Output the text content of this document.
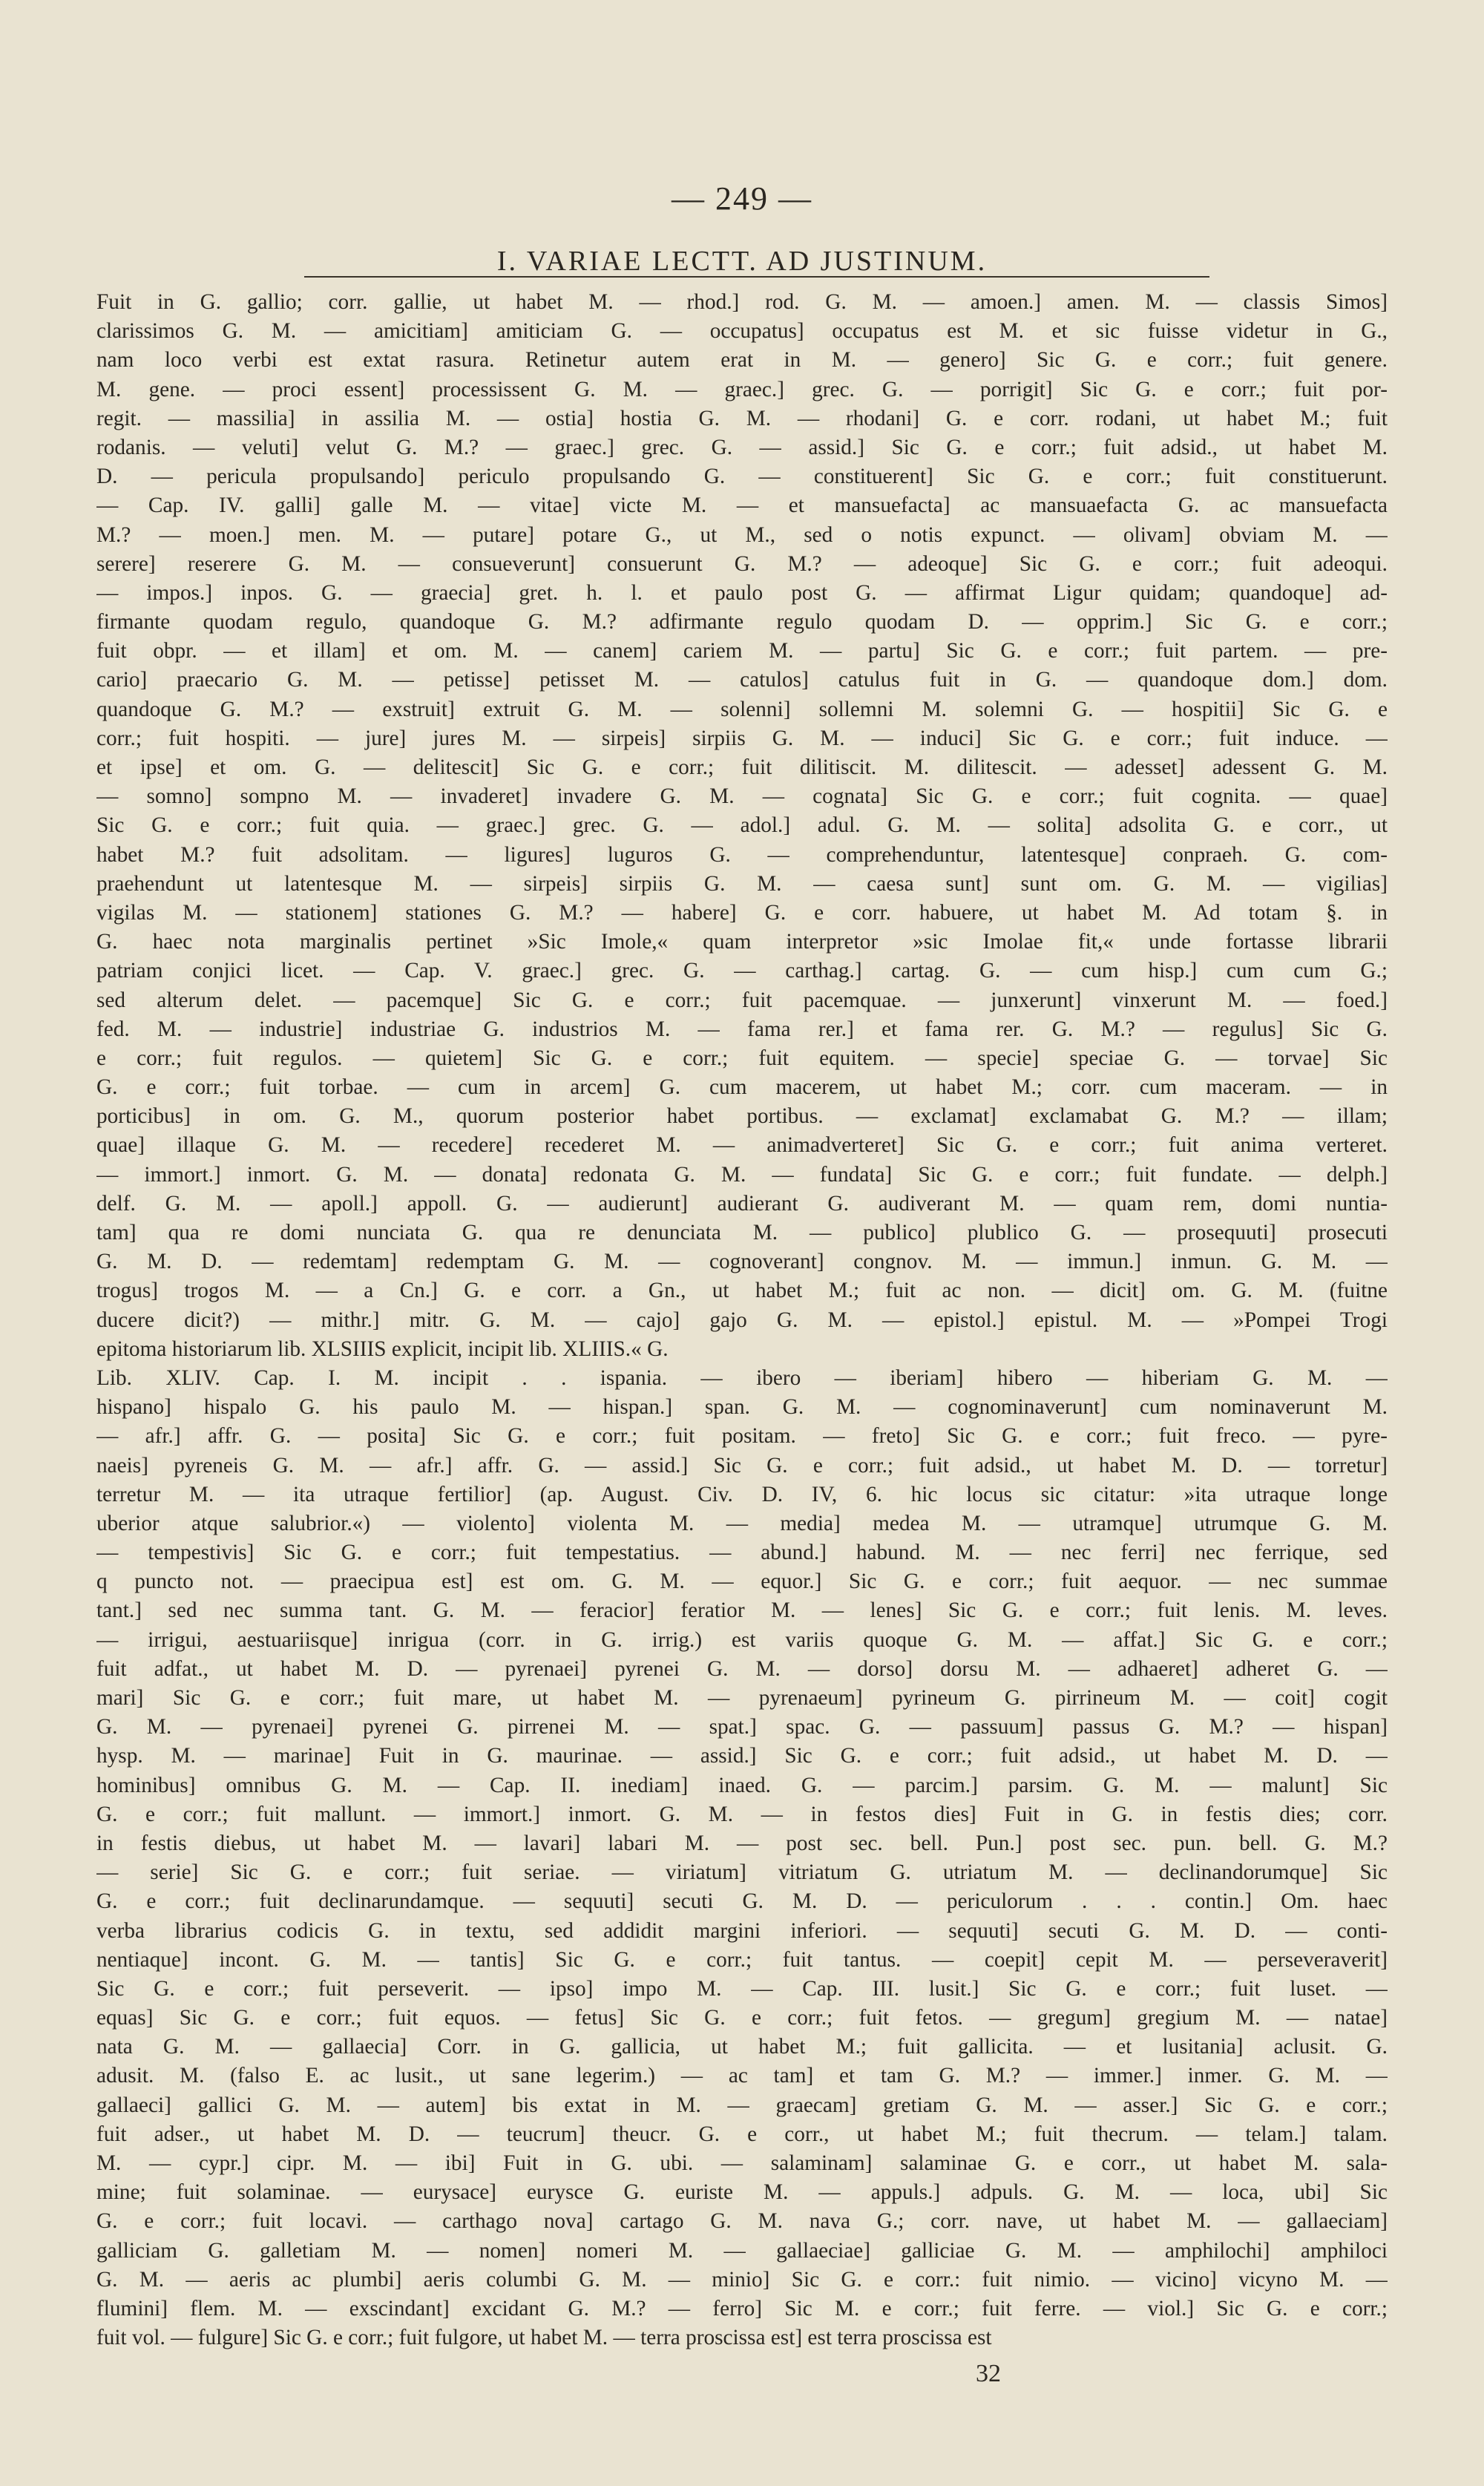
— 249 —
I. VARIAE LECTT. AD JUSTINUM.
Fuit in G. gallio; corr. gallie, ut habet M. — rhod.] rod. G. M. — amoen.] amen. M. — classis Simos]
clarissimos G. M. — amicitiam] amiticiam G. — occupatus] occupatus est M. et sic fuisse videtur in G.,
nam loco verbi est extat rasura. Retinetur autem erat in M. — genero] Sic G. e corr.; fuit genere.
M. gene. — proci essent] processissent G. M. — graec.] grec. G. — porrigit] Sic G. e corr.; fuit por-
regit. — massilia] in assilia M. — ostia] hostia G. M. — rhodani] G. e corr. rodani, ut habet M.; fuit
rodanis. — veluti] velut G. M.? — graec.] grec. G. — assid.] Sic G. e corr.; fuit adsid., ut habet M.
D. — pericula propulsando] periculo propulsando G. — constituerent] Sic G. e corr.; fuit constituerunt.
— Cap. IV. galli] galle M. — vitae] victe M. — et mansuefacta] ac mansuaefacta G. ac mansuefacta
M.? — moen.] men. M. — putare] potare G., ut M., sed o notis expunct. — olivam] obviam M. —
serere] reserere G. M. — consueverunt] consuerunt G. M.? — adeoque] Sic G. e corr.; fuit adeoqui.
— impos.] inpos. G. — graecia] gret. h. l. et paulo post G. — affirmat Ligur quidam; quandoque] ad-
firmante quodam regulo, quandoque G. M.? adfirmante regulo quodam D. — opprim.] Sic G. e corr.;
fuit obpr. — et illam] et om. M. — canem] cariem M. — partu] Sic G. e corr.; fuit partem. — pre-
cario] praecario G. M. — petisse] petisset M. — catulos] catulus fuit in G. — quandoque dom.] dom.
quandoque G. M.? — exstruit] extruit G. M. — solenni] sollemni M. solemni G. — hospitii] Sic G. e
corr.; fuit hospiti. — jure] jures M. — sirpeis] sirpiis G. M. — induci] Sic G. e corr.; fuit induce. —
et ipse] et om. G. — delitescit] Sic G. e corr.; fuit dilitiscit. M. dilitescit. — adesset] adessent G. M.
— somno] sompno M. — invaderet] invadere G. M. — cognata] Sic G. e corr.; fuit cognita. — quae]
Sic G. e corr.; fuit quia. — graec.] grec. G. — adol.] adul. G. M. — solita] adsolita G. e corr., ut
habet M.? fuit adsolitam. — ligures] luguros G. — comprehenduntur, latentesque] conpraeh. G. com-
praehendunt ut latentesque M. — sirpeis] sirpiis G. M. — caesa sunt] sunt om. G. M. — vigilias]
vigilas M. — stationem] stationes G. M.? — habere] G. e corr. habuere, ut habet M. Ad totam §. in
G. haec nota marginalis pertinet »Sic Imole,« quam interpretor »sic Imolae fit,« unde fortasse librarii
patriam conjici licet. — Cap. V. graec.] grec. G. — carthag.] cartag. G. — cum hisp.] cum cum G.;
sed alterum delet. — pacemque] Sic G. e corr.; fuit pacemquae. — junxerunt] vinxerunt M. — foed.]
fed. M. — industrie] industriae G. industrios M. — fama rer.] et fama rer. G. M.? — regulus] Sic G.
e corr.; fuit regulos. — quietem] Sic G. e corr.; fuit equitem. — specie] speciae G. — torvae] Sic
G. e corr.; fuit torbae. — cum in arcem] G. cum macerem, ut habet M.; corr. cum maceram. — in
porticibus] in om. G. M., quorum posterior habet portibus. — exclamat] exclamabat G. M.? — illam;
quae] illaque G. M. — recedere] recederet M. — animadverteret] Sic G. e corr.; fuit anima verteret.
— immort.] inmort. G. M. — donata] redonata G. M. — fundata] Sic G. e corr.; fuit fundate. — delph.]
delf. G. M. — apoll.] appoll. G. — audierunt] audierant G. audiverant M. — quam rem, domi nuntia-
tam] qua re domi nunciata G. qua re denunciata M. — publico] plublico G. — prosequuti] prosecuti
G. M. D. — redemtam] redemptam G. M. — cognoverant] congnov. M. — immun.] inmun. G. M. —
trogus] trogos M. — a Cn.] G. e corr. a Gn., ut habet M.; fuit ac non. — dicit] om. G. M. (fuitne
ducere dicit?) — mithr.] mitr. G. M. — cajo] gajo G. M. — epistol.] epistul. M. — »Pompei Trogi
epitoma historiarum lib. XLSIIIS explicit, incipit lib. XLIIIS.« G.
Lib. XLIV. Cap. I. M. incipit . . ispania. — ibero — iberiam] hibero — hiberiam G. M. —
hispano] hispalo G. his paulo M. — hispan.] span. G. M. — cognominaverunt] cum nominaverunt M.
— afr.] affr. G. — posita] Sic G. e corr.; fuit positam. — freto] Sic G. e corr.; fuit freco. — pyre-
naeis] pyreneis G. M. — afr.] affr. G. — assid.] Sic G. e corr.; fuit adsid., ut habet M. D. — torretur]
terretur M. — ita utraque fertilior] (ap. August. Civ. D. IV, 6. hic locus sic citatur: »ita utraque longe
uberior atque salubrior.«) — violento] violenta M. — media] medea M. — utramque] utrumque G. M.
— tempestivis] Sic G. e corr.; fuit tempestatius. — abund.] habund. M. — nec ferri] nec ferrique, sed
q puncto not. — praecipua est] est om. G. M. — equor.] Sic G. e corr.; fuit aequor. — nec summae
tant.] sed nec summa tant. G. M. — feracior] feratior M. — lenes] Sic G. e corr.; fuit lenis. M. leves.
— irrigui, aestuariisque] inrigua (corr. in G. irrig.) est variis quoque G. M. — affat.] Sic G. e corr.;
fuit adfat., ut habet M. D. — pyrenaei] pyrenei G. M. — dorso] dorsu M. — adhaeret] adheret G. —
mari] Sic G. e corr.; fuit mare, ut habet M. — pyrenaeum] pyrineum G. pirrineum M. — coit] cogit
G. M. — pyrenaei] pyrenei G. pirrenei M. — spat.] spac. G. — passuum] passus G. M.? — hispan]
hysp. M. — marinae] Fuit in G. maurinae. — assid.] Sic G. e corr.; fuit adsid., ut habet M. D. —
hominibus] omnibus G. M. — Cap. II. inediam] inaed. G. — parcim.] parsim. G. M. — malunt] Sic
G. e corr.; fuit mallunt. — immort.] inmort. G. M. — in festos dies] Fuit in G. in festis dies; corr.
in festis diebus, ut habet M. — lavari] labari M. — post sec. bell. Pun.] post sec. pun. bell. G. M.?
— serie] Sic G. e corr.; fuit seriae. — viriatum] vitriatum G. utriatum M. — declinandorumque] Sic
G. e corr.; fuit declinarundamque. — sequuti] secuti G. M. D. — periculorum . . . contin.] Om. haec
verba librarius codicis G. in textu, sed addidit margini inferiori. — sequuti] secuti G. M. D. — conti-
nentiaque] incont. G. M. — tantis] Sic G. e corr.; fuit tantus. — coepit] cepit M. — perseveraverit]
Sic G. e corr.; fuit perseverit. — ipso] impo M. — Cap. III. lusit.] Sic G. e corr.; fuit luset. —
equas] Sic G. e corr.; fuit equos. — fetus] Sic G. e corr.; fuit fetos. — gregum] gregium M. — natae]
nata G. M. — gallaecia] Corr. in G. gallicia, ut habet M.; fuit gallicita. — et lusitania] aclusit. G.
adusit. M. (falso E. ac lusit., ut sane legerim.) — ac tam] et tam G. M.? — immer.] inmer. G. M. —
gallaeci] gallici G. M. — autem] bis extat in M. — graecam] gretiam G. M. — asser.] Sic G. e corr.;
fuit adser., ut habet M. D. — teucrum] theucr. G. e corr., ut habet M.; fuit thecrum. — telam.] talam.
M. — cypr.] cipr. M. — ibi] Fuit in G. ubi. — salaminam] salaminae G. e corr., ut habet M. sala-
mine; fuit solaminae. — eurysace] eurysce G. euriste M. — appuls.] adpuls. G. M. — loca, ubi] Sic
G. e corr.; fuit locavi. — carthago nova] cartago G. M. nava G.; corr. nave, ut habet M. — gallaeciam]
galliciam G. galletiam M. — nomen] nomeri M. — gallaeciae] galliciae G. M. — amphilochi] amphiloci
G. M. — aeris ac plumbi] aeris columbi G. M. — minio] Sic G. e corr.: fuit nimio. — vicino] vicyno M. —
flumini] flem. M. — exscindant] excidant G. M.? — ferro] Sic M. e corr.; fuit ferre. — viol.] Sic G. e corr.;
fuit vol. — fulgure] Sic G. e corr.; fuit fulgore, ut habet M. — terra proscissa est] est terra proscissa est
32
